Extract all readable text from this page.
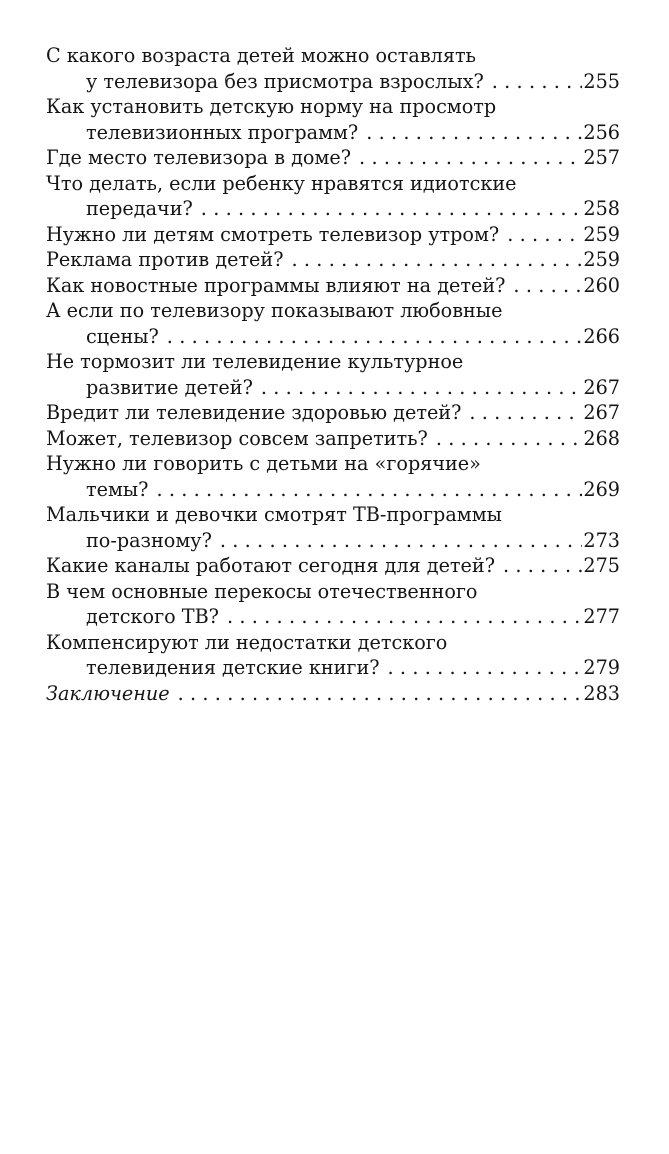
С какого возраста детей можно оставлять
у телевизора без присмотра взрослых? . . .	255
Как установить детскую норму на просмотр
телевизионных программ? . . .	256
Где место телевизора в доме? . . .	257
Что делать, если ребенку нравятся идиотские
передачи? . . .	258
Нужно ли детям смотреть телевизор утром? . . .	259
Реклама против детей? . . .	259
Как новостные программы влияют на детей? . . .	260
А если по телевизору показывают любовные
сцены? . . .	266
Не тормозит ли телевидение культурное
развитие детей? . . .	267
Вредит ли телевидение здоровью детей? . . .	267
Может, телевизор совсем запретить? . . .	268
Нужно ли говорить с детьми на «горячие»
темы? . . .	269
Мальчики и девочки смотрят ТВ-программы
по-разному? . . .	273
Какие каналы работают сегодня для детей? . . .	275
В чем основные перекосы отечественного
детского ТВ? . . .	277
Компенсируют ли недостатки детского
телевидения детские книги? . . .	279
Заключение . . .	283
